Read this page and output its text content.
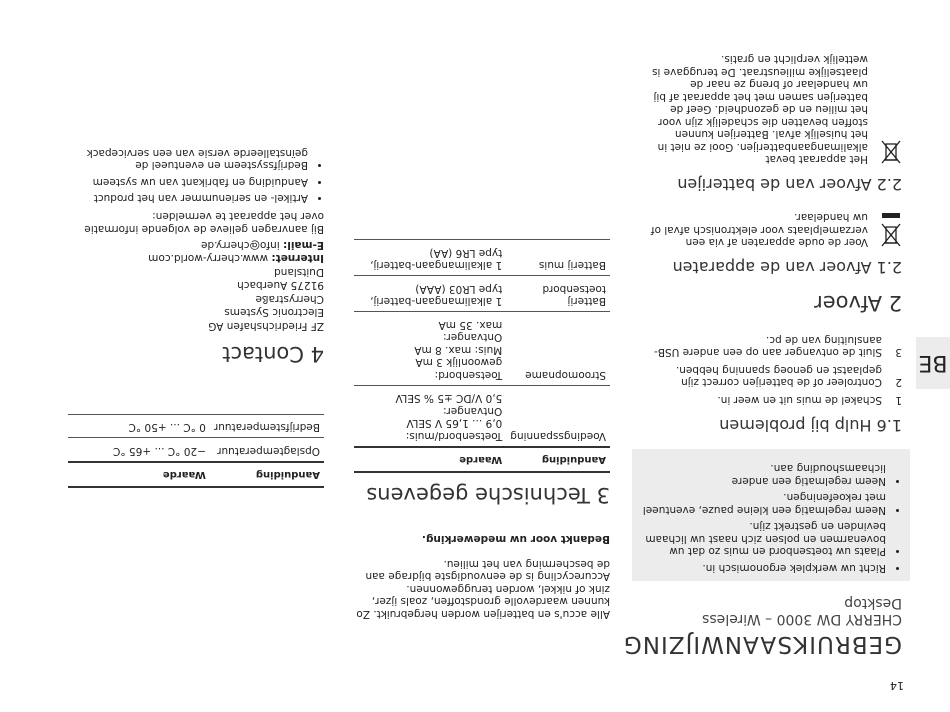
14
BE
GEBRUIKSAANWIJZING
CHERRY DW 3000 – Wireless Desktop
• Richt uw werkplek ergonomisch in.
• Plaats uw toetsenbord en muis zo dat uw bovenarmen en polsen zich naast uw lichaam bevinden en gestrekt zijn.
• Neem regelmatig een kleine pauze, eventueel met rekoefeningen.
• Neem regelmatig een andere lichaamshouding aan.
1.6 Hulp bij problemen
1
Schakel de muis uit en weer in.
2
Controleer of de batterijen correct zijn geplaatst en genoeg spanning hebben.
3
Sluit de ontvanger aan op een andere USB-aansluiting van de pc.
2 Afvoer
2.1 Afvoer van de apparaten

Voer de oude apparaten af via een verzamelplaats voor elektronisch afval of uw handelaar.

2.2 Afvoer van de batterijen

Het apparaat bevat alkalimangaanbatterijen. Gooi ze niet in het huiselijk afval. Batterijen kunnen stoffen bevatten die schadelijk zijn voor het milieu en de gezondheid. Geef de batterijen samen met het apparaat af bij uw handelaar of breng ze naar de plaatselijke milieustraat. De teruggave is wettelijk verplicht en gratis.

Alle accu's en batterijen worden hergebruikt. Zo kunnen waardevolle grondstoffen, zoals ijzer, zink of nikkel, worden teruggewonnen. Accurecycling is de eenvoudigste bijdrage aan de bescherming van het milieu.

Bedankt voor uw medewerking.

3 Technische gegevens
Aanduiding	Waarde
Voedingsspanning	Toetsenbord/muis:
0,9 ... 1,65 V SELV
Ontvanger:
5,0 V/DC ±5 % SELV
Stroomopname	Toetsenbord:
gewoonlijk 3 mA
Muis: max. 8 mA
Ontvanger:
max. 35 mA
Batterij toetsenbord	1 alkalimangaan-batterij, type LR03 (AAA)
Batterij muis	1 alkalimangaan-batterij, type LR6 (AA)
Aanduiding	Waarde
Opslagtemperatuur	−20 °C ... +65 °C
Bedrijfstemperatuur	0 °C ... +50 °C
4 Contact

ZF Friedrichshafen AG

Electronic Systems

Cherrystraße

91275 Auerbach

Duitsland

Internet: www.cherry-world.com

E-mail: info@cherry.de

Bij aanvragen gelieve de volgende informatie over het apparaat te vermelden:

• Artikel- en serienummer van het product
• Aanduiding en fabrikant van uw systeem
• Bedrijfssysteem en eventueel de geïnstalleerde versie van een servicepack
